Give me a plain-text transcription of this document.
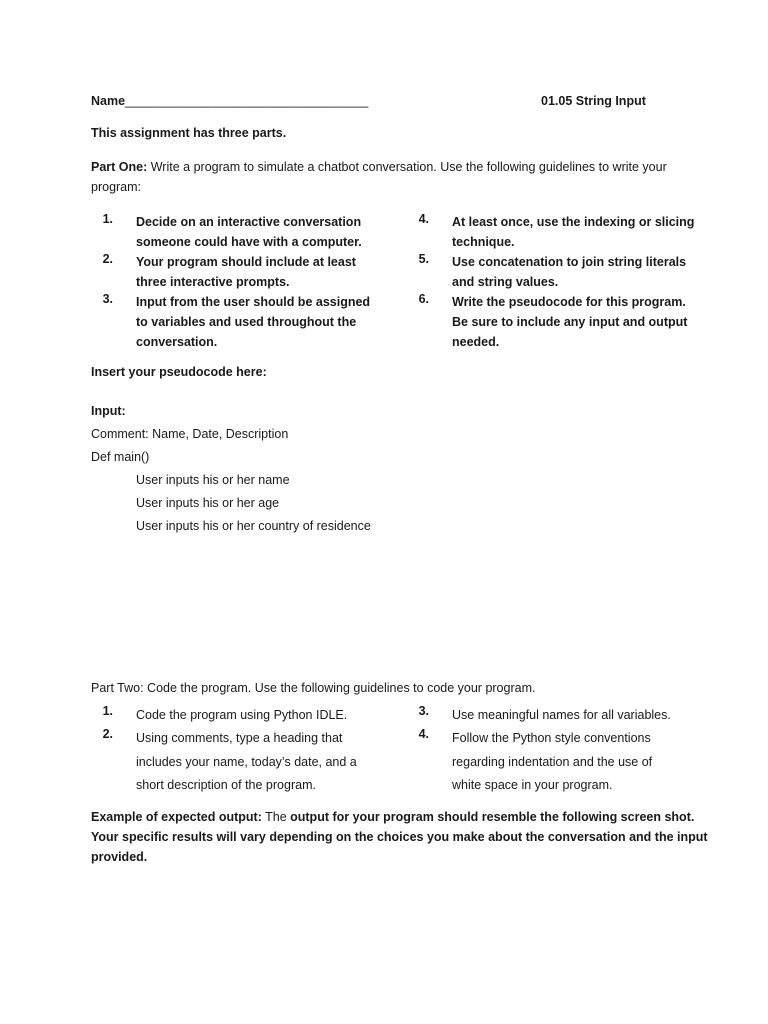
Name___________________________________	01.05 String Input
This assignment has three parts.
Part One: Write a program to simulate a chatbot conversation. Use the following guidelines to write your
program:
1. Decide on an interactive conversation
someone could have with a computer.
2. Your program should include at least
three interactive prompts.
3. Input from the user should be assigned
to variables and used throughout the
conversation.
4. At least once, use the indexing or slicing
technique.
5. Use concatenation to join string literals
and string values.
6. Write the pseudocode for this program.
Be sure to include any input and output
needed.
Insert your pseudocode here:
Input:
Comment: Name, Date, Description
Def main()
User inputs his or her name
User inputs his or her age
User inputs his or her country of residence
Part Two: Code the program. Use the following guidelines to code your program.
1. Code the program using Python IDLE.
2. Using comments, type a heading that
includes your name, today’s date, and a
short description of the program.
3. Use meaningful names for all variables.
4. Follow the Python style conventions
regarding indentation and the use of
white space in your program.
Example of expected output: The output for your program should resemble the following screen shot.
Your specific results will vary depending on the choices you make about the conversation and the input
provided.
